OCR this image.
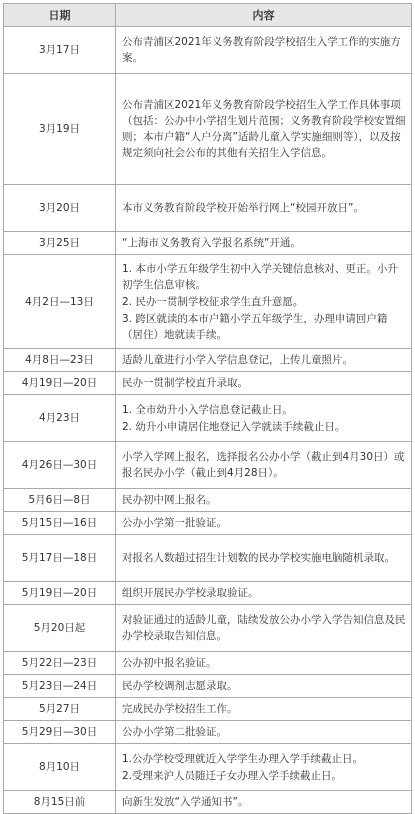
日期	内容
3月17日	公布青浦区2021年义务教育阶段学校招生入学工作的实施方案。

3月19日	公布青浦区2021年义务教育阶段学校招生入学工作具体事项（包括：公办中小学招生划片范围；义务教育阶段学校安置细则；本市户籍“人户分离”适龄儿童入学实施细则等），以及按规定须向社会公布的其他有关招生入学信息。

3月20日	本市义务教育阶段学校开始举行网上“校园开放日”。

3月25日	“上海市义务教育入学报名系统”开通。

4月2日—13日	1. 本市小学五年级学生初中入学关键信息核对、更正。小升初学生信息审核。
2. 民办一贯制学校征求学生直升意愿。
3. 跨区就读的本市户籍小学五年级学生，办理申请回户籍（居住）地就读手续。

4月8日—23日	适龄儿童进行小学入学信息登记，上传儿童照片。

4月19日—20日	民办一贯制学校直升录取。

4月23日	1. 全市幼升小入学信息登记截止日。
2. 幼升小申请居住地登记入学就读手续截止日。

4月26日—30日	小学入学网上报名，选择报名公办小学（截止到4月30日）或报名民办小学（截止到4月28日）。

5月6日—8日	民办初中网上报名。

5月15日—16日	公办小学第一批验证。

5月17日—18日	对报名人数超过招生计划数的民办学校实施电脑随机录取。

5月19日—20日	组织开展民办学校录取验证。

5月20日起	对验证通过的适龄儿童，陆续发放公办小学入学告知信息及民办学校录取告知信息。

5月22日—23日	公办初中报名验证。

5月23日—24日	民办学校调剂志愿录取。

5月27日	完成民办学校招生工作。

5月29日—30日	公办小学第二批验证。

8月10日	1.公办学校受理就近入学学生办理入学手续截止日。
2.受理来沪人员随迁子女办理入学手续截止日。

8月15日前	向新生发放“入学通知书”。
